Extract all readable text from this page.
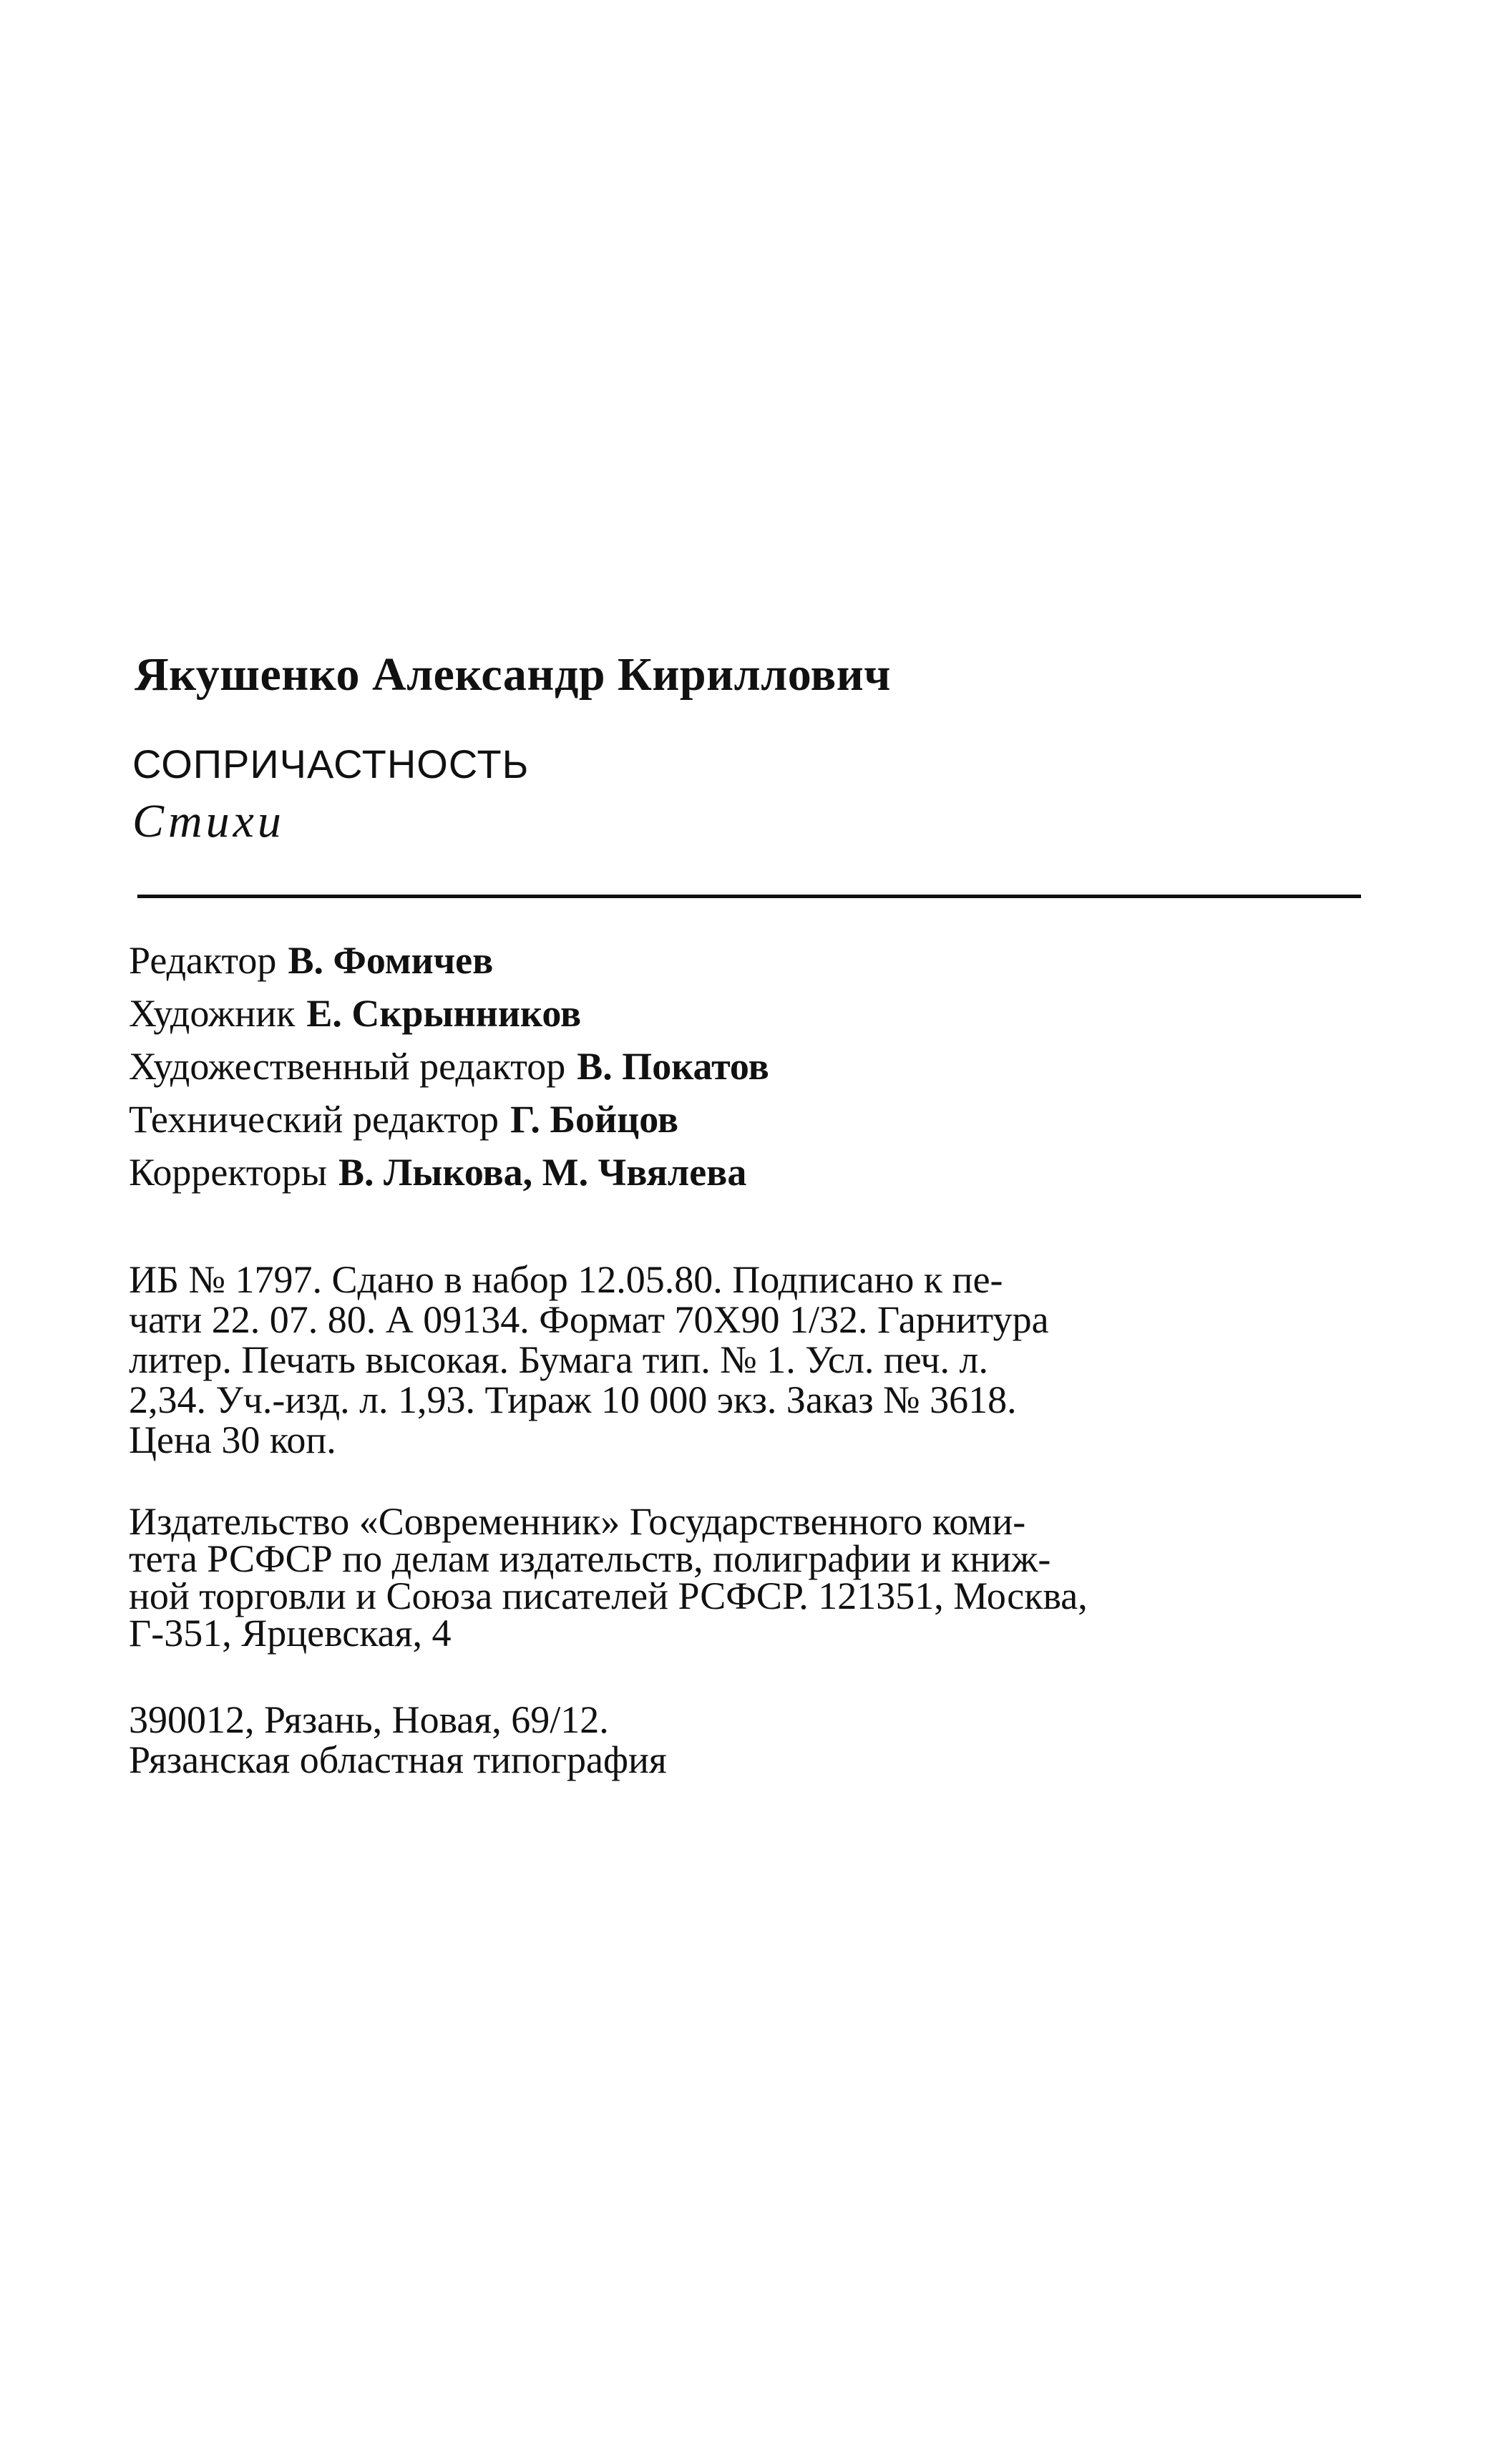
Якушенко Александр Кириллович
СОПРИЧАСТНОСТЬ
Стихи
Редактор В. Фомичев
Художник Е. Скрынников
Художественный редактор В. Покатов
Технический редактор Г. Бойцов
Корректоры В. Лыкова, М. Чвялева
ИБ № 1797. Сдано в набор 12.05.80. Подписано к пе-
чати 22. 07. 80. А 09134. Формат 70Х90 1/32. Гарнитура
литер. Печать высокая. Бумага тип. № 1. Усл. печ. л.
2,34. Уч.-изд. л. 1,93. Тираж 10 000 экз. Заказ № 3618.
Цена 30 коп.
Издательство «Современник» Государственного коми-
тета РСФСР по делам издательств, полиграфии и книж-
ной торговли и Союза писателей РСФСР. 121351, Москва,
Г-351, Ярцевская, 4
390012, Рязань, Новая, 69/12.
Рязанская областная типография
